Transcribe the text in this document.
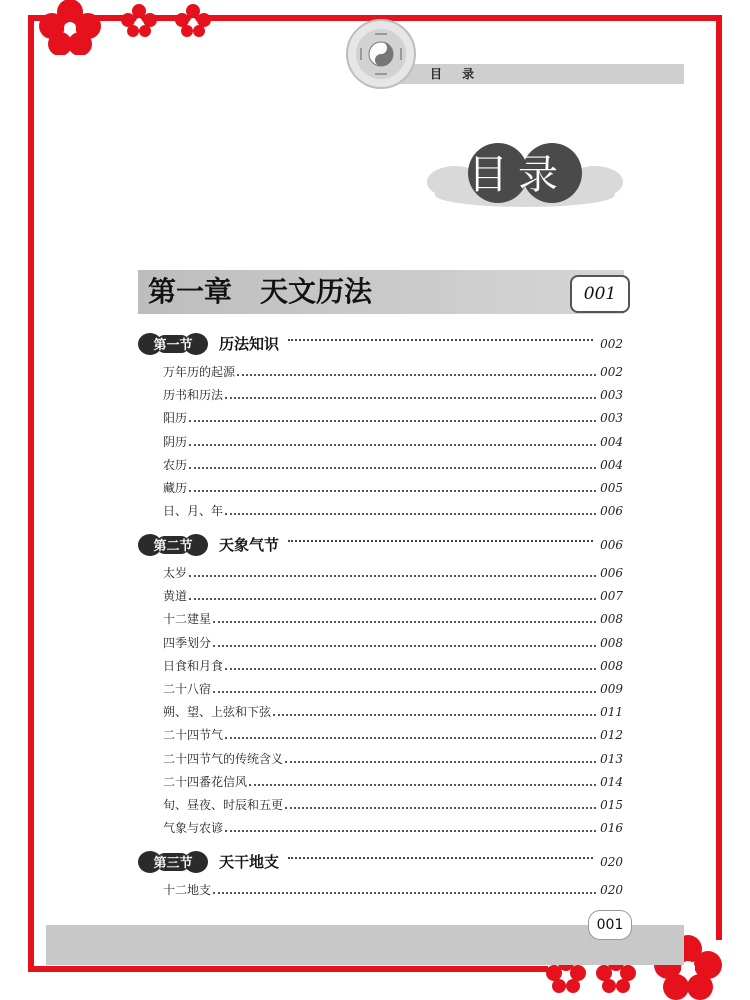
目 录
目录
第一章　天文历法	001
第一节 历法知识	002
万年历的起源	002
历书和历法	003
阳历	003
阴历	004
农历	004
藏历	005
日、月、年	006
第二节 天象气节	006
太岁	006
黄道	007
十二建星	008
四季划分	008
日食和月食	008
二十八宿	009
朔、望、上弦和下弦	011
二十四节气	012
二十四节气的传统含义	013
二十四番花信风	014
旬、昼夜、时辰和五更	015
气象与农谚	016
第三节 天干地支	020
十二地支	020
001
